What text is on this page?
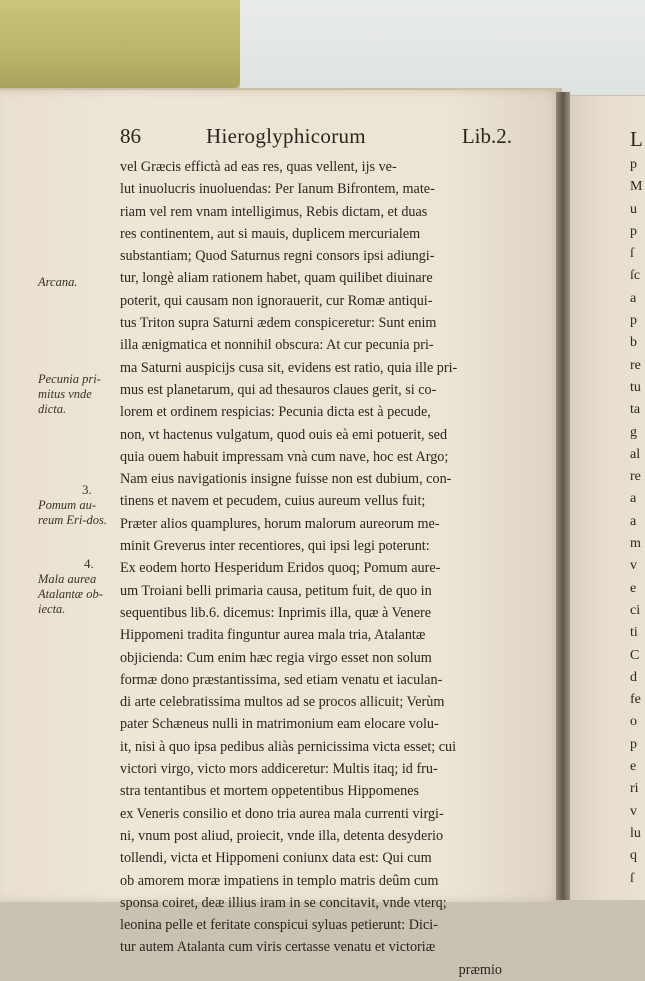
86	Hieroglyphicorum	Lib.2.
vel Græcis effictà ad eas res, quas vellent, ijs ve-
lut inuolucris inuoluendas: Per Ianum Bifrontem, mate-
riam vel rem vnam intelligimus, Rebis dictam, et duas
res continentem, aut si mauis, duplicem mercurialem
substantiam; Quod Saturnus regni consors ipsi adiungi-
tur, longè aliam rationem habet, quam quilibet diuinare
poterit, qui causam non ignorauerit, cur Romæ antiqui-
tus Triton supra Saturni ædem conspiceretur: Sunt enim
illa ænigmatica et nonnihil obscura: At cur pecunia pri-
ma Saturni auspicijs cusa sit, evidens est ratio, quia ille pri-
mus est planetarum, qui ad thesauros claues gerit, si co-
lorem et ordinem respicias: Pecunia dicta est à pecude,
non, vt hactenus vulgatum, quod ouis eà emi potuerit, sed
quia ouem habuit impressam vnà cum nave, hoc est Argo;
Nam eius navigationis insigne fuisse non est dubium, con-
tinens et navem et pecudem, cuius aureum vellus fuit;
Præter alios quamplures, horum malorum aureorum me-
minit Greverus inter recentiores, qui ipsi legi poterunt:
Ex eodem horto Hesperidum Eridos quoq; Pomum aure-
um Troiani belli primaria causa, petitum fuit, de quo in
sequentibus lib.6. dicemus: Inprimis illa, quæ à Venere
Hippomeni tradita finguntur aurea mala tria, Atalantæ
objicienda: Cum enim hæc regia virgo esset non solum
formæ dono præstantissima, sed etiam venatu et iaculan-
di arte celebratissima multos ad se procos allicuit; Verùm
pater Schæneus nulli in matrimonium eam elocare volu-
it, nisi à quo ipsa pedibus aliàs pernicissima victa esset; cui
victori virgo, victo mors addiceretur: Multis itaq; id fru-
stra tentantibus et mortem oppetentibus Hippomenes
ex Veneris consilio et dono tria aurea mala currenti virgi-
ni, vnum post aliud, proiecit, vnde illa, detenta desyderio
tollendi, victa et Hippomeni coniunx data est: Qui cum
ob amorem moræ impatiens in templo matris deûm cum
sponsa coiret, deæ illius iram in se concitavit, vnde vterq;
leonina pelle et feritate conspicui syluas petierunt: Dici-
tur autem Atalanta cum viris certasse venatu et victoriæ
præmio
Arcana.
Pecunia pri-mitus vnde dicta.
3.
Pomum au-reum Eri-dos.
4.
Mala aurea Atalantæ ob-iecta.
L
p
M
u
p
ſ
ſc
a
p
b
re
tu
ta
g
al
re
a
a
m
v
e
ci
ti
C
d
fe
o
p
e
ri
v
lu
q
ſ
